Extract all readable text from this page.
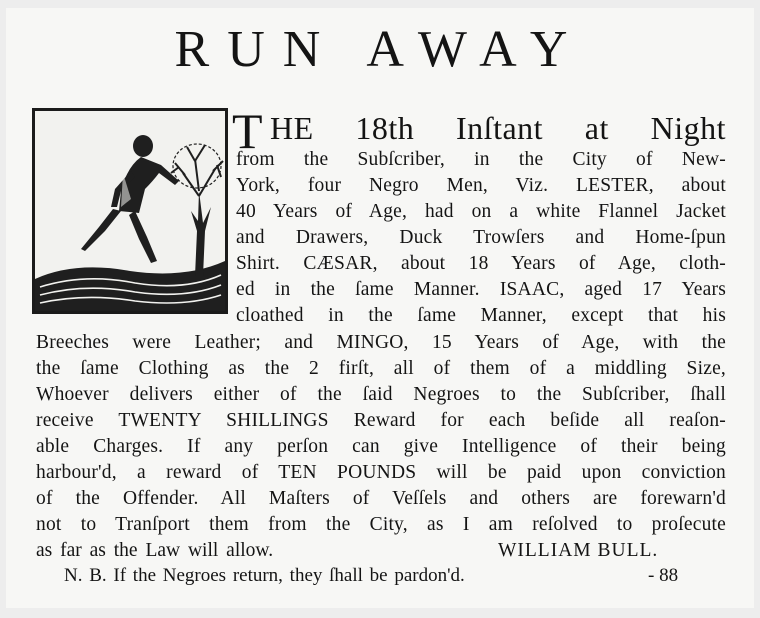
RUN AWAY
T HE 18th Inſtant at Night
from the Subſcriber, in the City of New-
York, four Negro Men, Viz. LESTER, about
40 Years of Age, had on a white Flannel Jacket
and Drawers, Duck Trowſers and Home-ſpun
Shirt. CÆSAR, about 18 Years of Age, cloth-
ed in the ſame Manner. ISAAC, aged 17 Years
cloathed in the ſame Manner, except that his
Breeches were Leather; and MINGO, 15 Years of Age, with the
the ſame Clothing as the 2 firſt, all of them of a middling Size,
Whoever delivers either of the ſaid Negroes to the Subſcriber, ſhall
receive TWENTY SHILLINGS Reward for each beſide all reaſon-
able Charges. If any perſon can give Intelligence of their being
harbour'd, a reward of TEN POUNDS will be paid upon conviction
of the Offender. All Maſters of Veſſels and others are forewarn'd
not to Tranſport them from the City, as I am reſolved to proſecute
as far as the Law will allow.	WILLIAM BULL.
N. B. If the Negroes return, they ſhall be pardon'd.	- 88
